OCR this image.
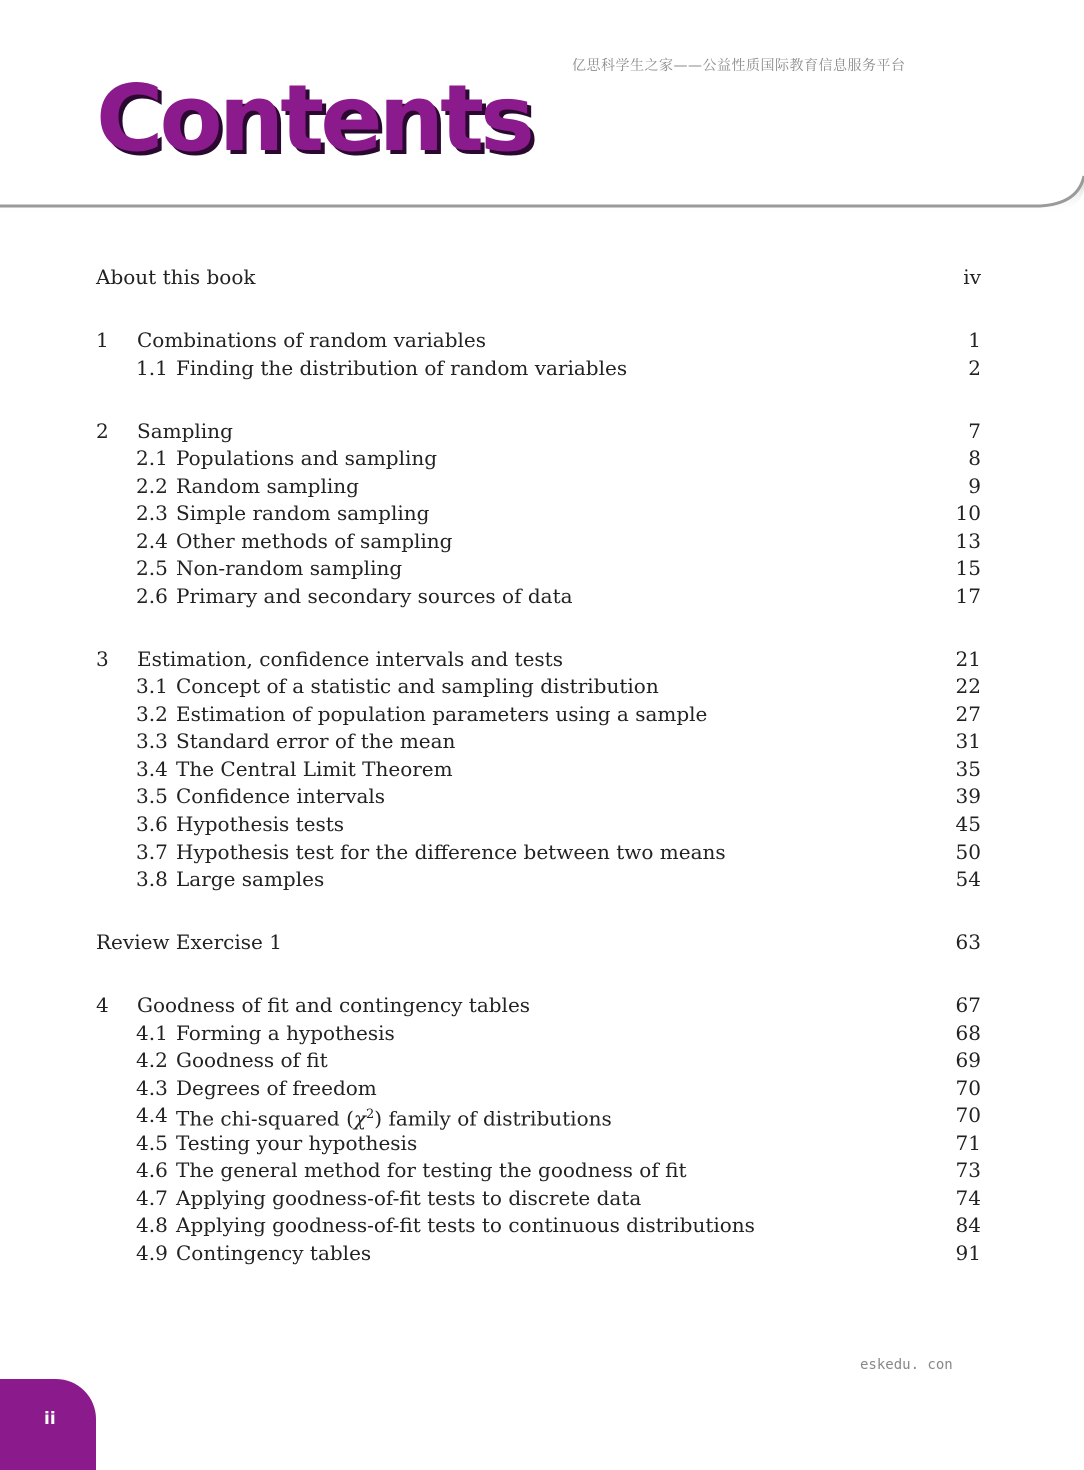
亿思科学生之家——公益性质国际教育信息服务平台
Contents
About this book	iv
1 Combinations of random variables	1
1.1 Finding the distribution of random variables	2
2 Sampling	7
2.1 Populations and sampling	8
2.2 Random sampling	9
2.3 Simple random sampling	10
2.4 Other methods of sampling	13
2.5 Non-random sampling	15
2.6 Primary and secondary sources of data	17
3 Estimation, confidence intervals and tests	21
3.1 Concept of a statistic and sampling distribution	22
3.2 Estimation of population parameters using a sample	27
3.3 Standard error of the mean	31
3.4 The Central Limit Theorem	35
3.5 Confidence intervals	39
3.6 Hypothesis tests	45
3.7 Hypothesis test for the difference between two means	50
3.8 Large samples	54
Review Exercise 1	63
4 Goodness of fit and contingency tables	67
4.1 Forming a hypothesis	68
4.2 Goodness of fit	69
4.3 Degrees of freedom	70
4.4 The chi-squared $(\chi^2)$ family of distributions	70
4.5 Testing your hypothesis	71
4.6 The general method for testing the goodness of fit	73
4.7 Applying goodness-of-fit tests to discrete data	74
4.8 Applying goodness-of-fit tests to continuous distributions	84
4.9 Contingency tables	91
eskedu. con
ii
